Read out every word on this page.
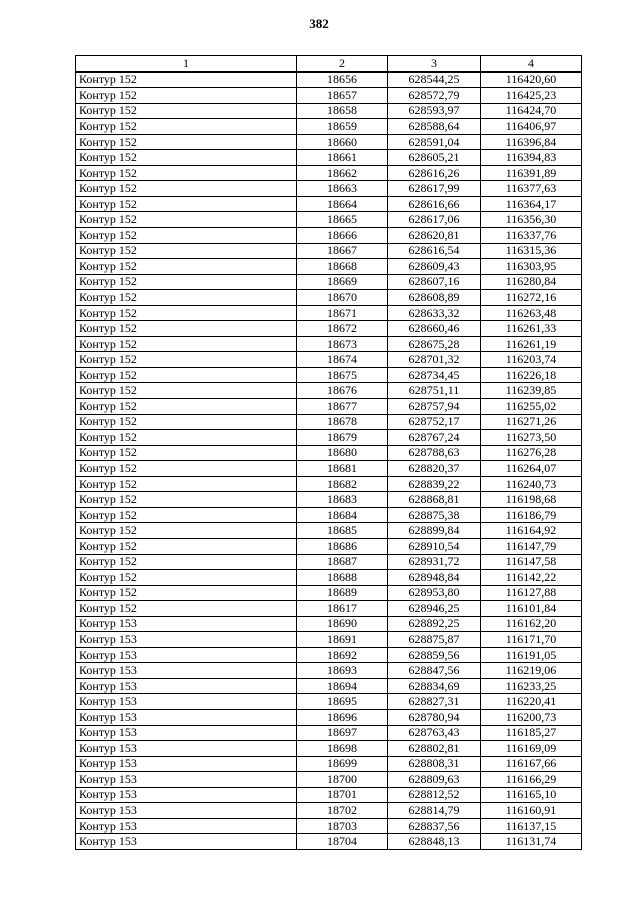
382
1	2	3	4
Контур 152	18656	628544,25	116420,60
Контур 152	18657	628572,79	116425,23
Контур 152	18658	628593,97	116424,70
Контур 152	18659	628588,64	116406,97
Контур 152	18660	628591,04	116396,84
Контур 152	18661	628605,21	116394,83
Контур 152	18662	628616,26	116391,89
Контур 152	18663	628617,99	116377,63
Контур 152	18664	628616,66	116364,17
Контур 152	18665	628617,06	116356,30
Контур 152	18666	628620,81	116337,76
Контур 152	18667	628616,54	116315,36
Контур 152	18668	628609,43	116303,95
Контур 152	18669	628607,16	116280,84
Контур 152	18670	628608,89	116272,16
Контур 152	18671	628633,32	116263,48
Контур 152	18672	628660,46	116261,33
Контур 152	18673	628675,28	116261,19
Контур 152	18674	628701,32	116203,74
Контур 152	18675	628734,45	116226,18
Контур 152	18676	628751,11	116239,85
Контур 152	18677	628757,94	116255,02
Контур 152	18678	628752,17	116271,26
Контур 152	18679	628767,24	116273,50
Контур 152	18680	628788,63	116276,28
Контур 152	18681	628820,37	116264,07
Контур 152	18682	628839,22	116240,73
Контур 152	18683	628868,81	116198,68
Контур 152	18684	628875,38	116186,79
Контур 152	18685	628899,84	116164,92
Контур 152	18686	628910,54	116147,79
Контур 152	18687	628931,72	116147,58
Контур 152	18688	628948,84	116142,22
Контур 152	18689	628953,80	116127,88
Контур 152	18617	628946,25	116101,84
Контур 153	18690	628892,25	116162,20
Контур 153	18691	628875,87	116171,70
Контур 153	18692	628859,56	116191,05
Контур 153	18693	628847,56	116219,06
Контур 153	18694	628834,69	116233,25
Контур 153	18695	628827,31	116220,41
Контур 153	18696	628780,94	116200,73
Контур 153	18697	628763,43	116185,27
Контур 153	18698	628802,81	116169,09
Контур 153	18699	628808,31	116167,66
Контур 153	18700	628809,63	116166,29
Контур 153	18701	628812,52	116165,10
Контур 153	18702	628814,79	116160,91
Контур 153	18703	628837,56	116137,15
Контур 153	18704	628848,13	116131,74
